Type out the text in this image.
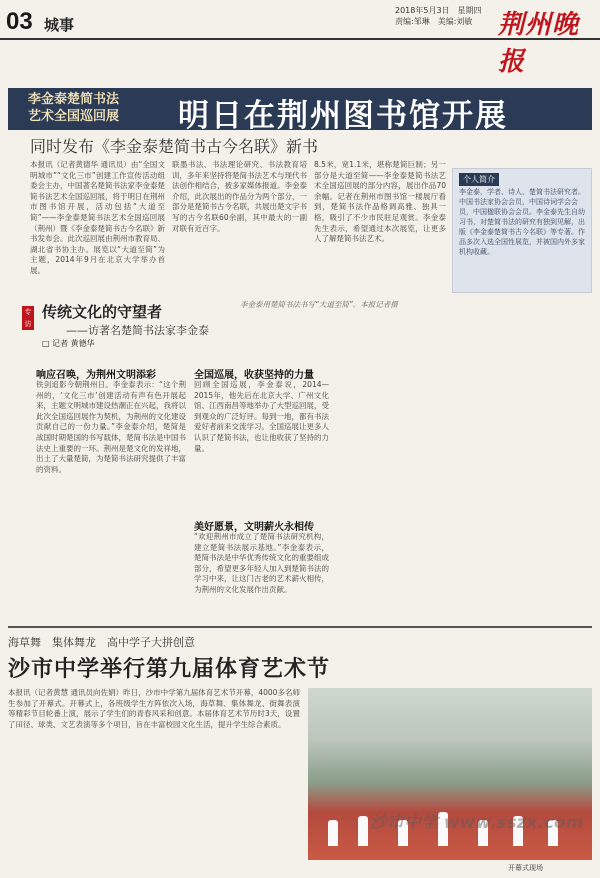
03 城事
2018年5月3日　星期四
责编:邹琳　美编:刘敏 荆州晚报
李金泰楚简书法
艺术全国巡回展 明日在荆州图书馆开展
同时发布《李金泰楚简书古今名联》新书
本报讯（记者黄德华 通讯员）由“全国文明城市”“文化三市”创建工作宣传活动组委会主办，中国著名楚简书法家李金泰楚简书法艺术全国巡回展，将于明日在荆州市图书馆开展，活动包括“大道至简”——李金泰楚简书法艺术全国巡回展（荆州）暨《李金泰楚简书古今名联》新书发布会。此次巡回展由荆州市教育局、湖北省书协主办。展览以“大道至简”为主题，2014年9月在北京大学举办首展。
联墨书法、书法理论研究、书法教育培训，多年来坚持将楚简书法艺术与现代书法创作相结合，被多家媒体报道。李金泰介绍，此次展出的作品分为两个部分，一部分是楚简书古今名联，共展出楚文字书写的古今名联60余副，其中最大的一副对联有近百字。
8.5米，宽1.1米，堪称楚简巨制；另一部分是大道至简——李金泰楚简书法艺术全国巡回展的部分内容，展出作品70余幅。记者在荆州市图书馆一楼展厅看到，楚简书法作品格调高雅、独具一格，吸引了不少市民驻足观赏。李金泰先生表示，希望通过本次展览，让更多人了解楚简书法艺术。
个人简介
李金泰，学者、诗人，楚简书法研究者。中国书法家协会会员，中国诗词学会会员，中国楹联协会会员。李金泰先生自幼习书，对楚简书法的研究有独到见解，出版《李金泰楚简书古今名联》等专著。作品多次入选全国性展览，并被国内外多家机构收藏。
李金泰用楚简书法书写“大道至简”。本报记者摄
专访
传统文化的守望者
——访著名楚简书法家李金泰
□ 记者 黄德华
响应召唤，为荆州文明添彩
铁剑追影今朝荆州日。李金泰表示：“这个荆州的，‘文化三市’创建活动有声有色开展起来，主题文明城市建设热潮正在兴起，我将以此次全国巡回展作为契机，为荆州的文化建设贡献自己的一份力量。”李金泰介绍，楚简是战国时期楚国的书写载体，楚简书法是中国书法史上重要的一环。荆州是楚文化的发祥地，出土了大量楚简，为楚简书法研究提供了丰富的资料。
全国巡展，收获坚持的力量
回顾全国巡展，李金泰说，2014—2015年，他先后在北京大学、广州文化馆、江西南昌等地举办了大型巡回展，受到观众的广泛好评。每到一地，都有书法爱好者前来交流学习。全国巡展让更多人认识了楚简书法，也让他收获了坚持的力量。
美好愿景，文明薪火永相传
“欢迎荆州市成立了楚简书法研究机构，建立楚简书法展示基地。”李金泰表示，楚简书法是中华优秀传统文化的重要组成部分，希望更多年轻人加入到楚简书法的学习中来，让这门古老的艺术薪火相传，为荆州的文化发展作出贡献。
海草舞　集体舞龙　高中学子大拼创意
沙市中学举行第九届体育艺术节
本报讯（记者黄慧 通讯员向佐娟）昨日，沙市中学第九届体育艺术节开幕，4000多名师生参加了开幕式。开幕式上，各班级学生方阵依次入场，海草舞、集体舞龙、街舞表演等精彩节目轮番上演，展示了学生们的青春风采和创意。本届体育艺术节历时3天，设置了田径、球类、文艺表演等多个项目，旨在丰富校园文化生活，提升学生综合素质。
沙市中学 www.sszx.com
开幕式现场
